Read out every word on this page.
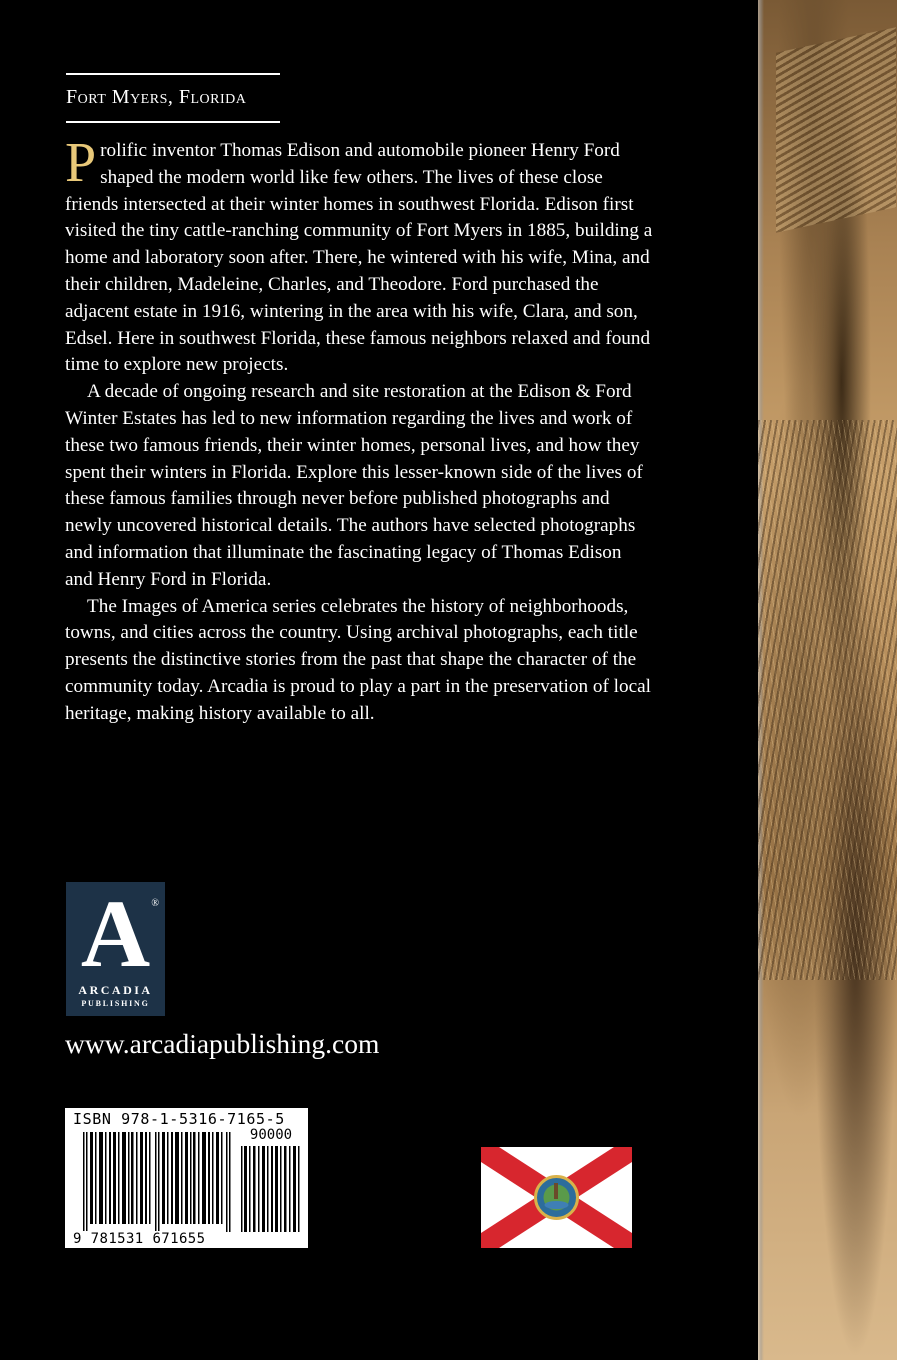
Fort Myers, Florida

Prolific inventor Thomas Edison and automobile pioneer Henry Ford shaped the modern world like few others. The lives of these close friends intersected at their winter homes in southwest Florida. Edison first visited the tiny cattle-ranching community of Fort Myers in 1885, building a home and laboratory soon after. There, he wintered with his wife, Mina, and their children, Madeleine, Charles, and Theodore. Ford purchased the adjacent estate in 1916, wintering in the area with his wife, Clara, and son, Edsel. Here in southwest Florida, these famous neighbors relaxed and found time to explore new projects.

A decade of ongoing research and site restoration at the Edison & Ford Winter Estates has led to new information regarding the lives and work of these two famous friends, their winter homes, personal lives, and how they spent their winters in Florida. Explore this lesser-known side of the lives of these famous families through never before published photographs and newly uncovered historical details. The authors have selected photographs and information that illuminate the fascinating legacy of Thomas Edison and Henry Ford in Florida.

The Images of America series celebrates the history of neighborhoods, towns, and cities across the country. Using archival photographs, each title presents the distinctive stories from the past that shape the character of the community today. Arcadia is proud to play a part in the preservation of local heritage, making history available to all.

A ®
ARCADIA
PUBLISHING
www.arcadiapublishing.com
ISBN 978-1-5316-7165-5
90000
9 781531 671655
